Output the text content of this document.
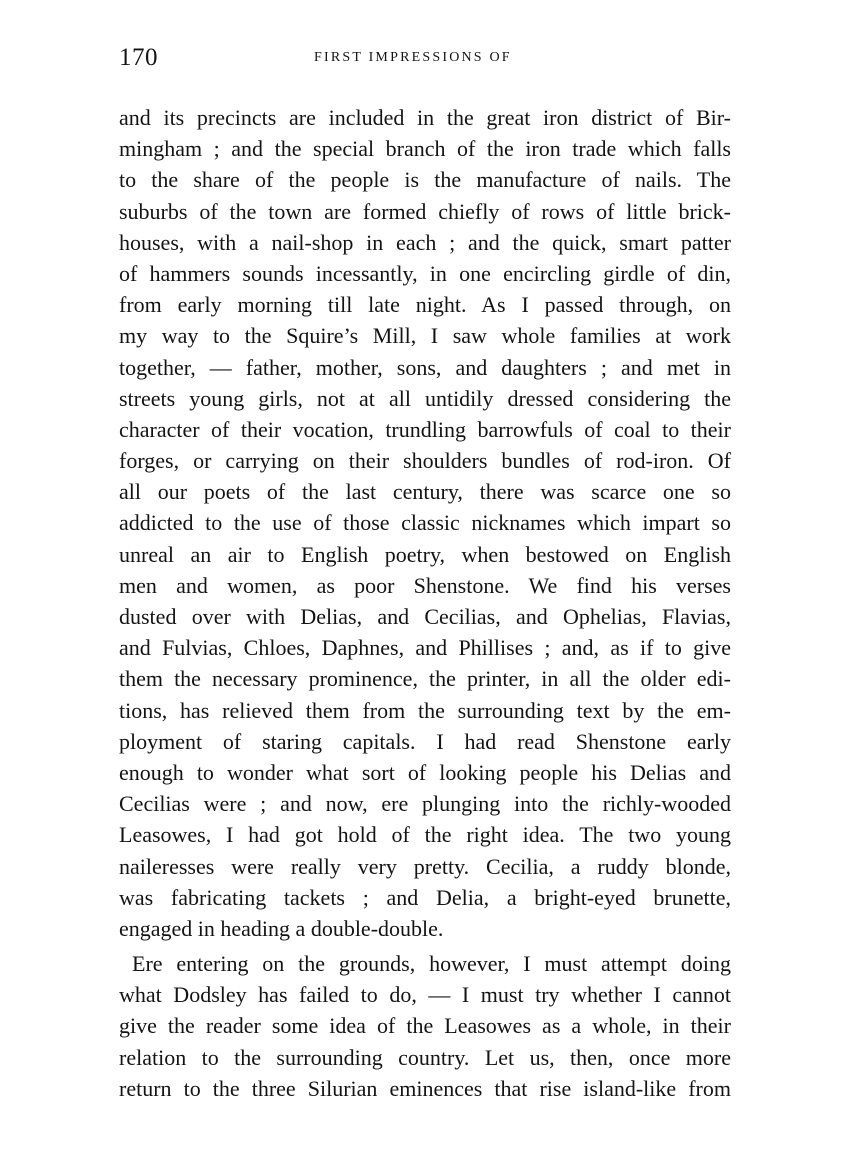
170	FIRST IMPRESSIONS OF
and its precincts are included in the great iron district of Bir-
mingham ; and the special branch of the iron trade which falls
to the share of the people is the manufacture of nails. The
suburbs of the town are formed chiefly of rows of little brick-
houses, with a nail-shop in each ; and the quick, smart patter
of hammers sounds incessantly, in one encircling girdle of din,
from early morning till late night. As I passed through, on
my way to the Squire’s Mill, I saw whole families at work
together, — father, mother, sons, and daughters ; and met in
streets young girls, not at all untidily dressed considering the
character of their vocation, trundling barrowfuls of coal to their
forges, or carrying on their shoulders bundles of rod-iron. Of
all our poets of the last century, there was scarce one so
addicted to the use of those classic nicknames which impart so
unreal an air to English poetry, when bestowed on English
men and women, as poor Shenstone. We find his verses
dusted over with Delias, and Cecilias, and Ophelias, Flavias,
and Fulvias, Chloes, Daphnes, and Phillises ; and, as if to give
them the necessary prominence, the printer, in all the older edi-
tions, has relieved them from the surrounding text by the em-
ployment of staring capitals. I had read Shenstone early
enough to wonder what sort of looking people his Delias and
Cecilias were ; and now, ere plunging into the richly-wooded
Leasowes, I had got hold of the right idea. The two young
naileresses were really very pretty. Cecilia, a ruddy blonde,
was fabricating tackets ; and Delia, a bright-eyed brunette,
engaged in heading a double-double.
Ere entering on the grounds, however, I must attempt doing
what Dodsley has failed to do, — I must try whether I cannot
give the reader some idea of the Leasowes as a whole, in their
relation to the surrounding country. Let us, then, once more
return to the three Silurian eminences that rise island-like from
